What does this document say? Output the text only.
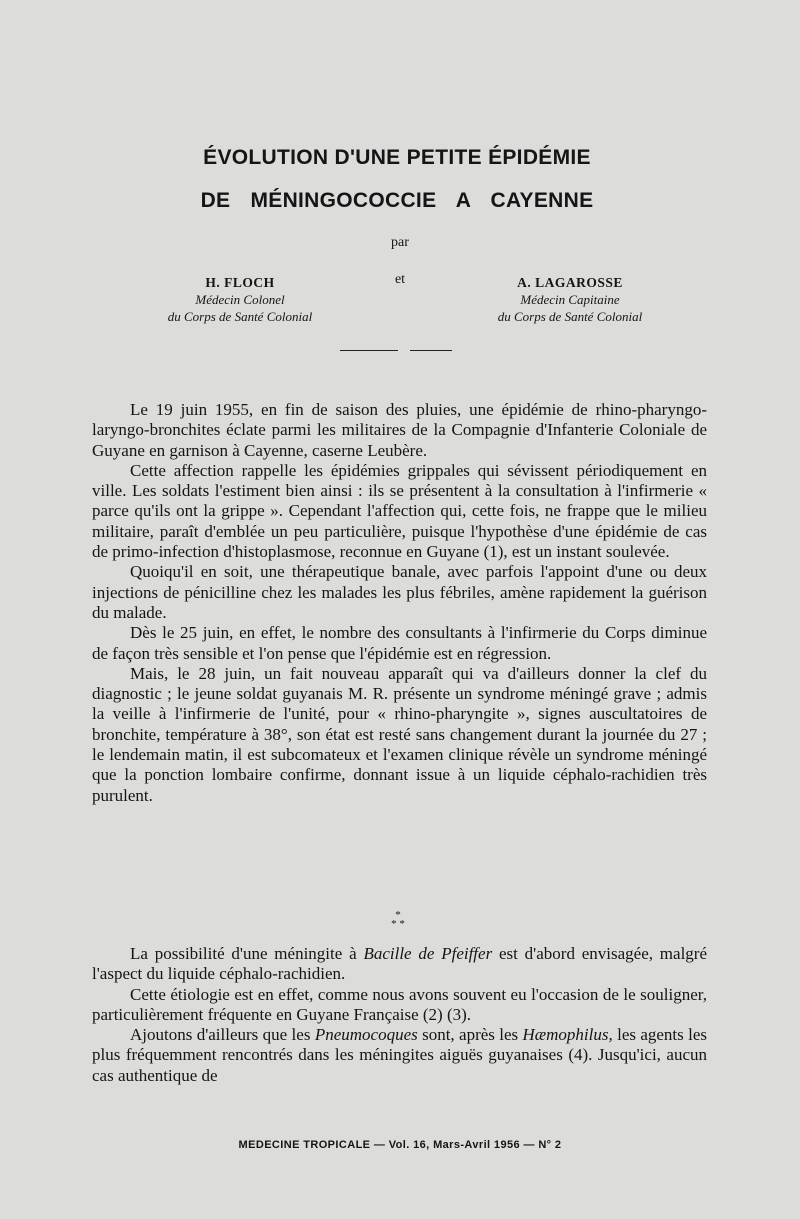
ÉVOLUTION D'UNE PETITE ÉPIDÉMIE
DE MÉNINGOCOCCIE A CAYENNE
par
H. FLOCH
Médecin Colonel
du Corps de Santé Colonial
et	A. LAGAROSSE
Médecin Capitaine
du Corps de Santé Colonial

Le 19 juin 1955, en fin de saison des pluies, une épidémie de rhino-pharyngo-laryngo-bronchites éclate parmi les militaires de la Compagnie d'Infanterie Coloniale de Guyane en garnison à Cayenne, caserne Leubère.

Cette affection rappelle les épidémies grippales qui sévissent périodiquement en ville. Les soldats l'estiment bien ainsi : ils se présentent à la consultation à l'infirmerie « parce qu'ils ont la grippe ». Cependant l'affection qui, cette fois, ne frappe que le milieu militaire, paraît d'emblée un peu particulière, puisque l'hypothèse d'une épidémie de cas de primo-infection d'histoplasmose, reconnue en Guyane (1), est un instant soulevée.

Quoiqu'il en soit, une thérapeutique banale, avec parfois l'appoint d'une ou deux injections de pénicilline chez les malades les plus fébriles, amène rapidement la guérison du malade.

Dès le 25 juin, en effet, le nombre des consultants à l'infirmerie du Corps diminue de façon très sensible et l'on pense que l'épidémie est en régression.

Mais, le 28 juin, un fait nouveau apparaît qui va d'ailleurs donner la clef du diagnostic ; le jeune soldat guyanais M. R. présente un syndrome méningé grave ; admis la veille à l'infirmerie de l'unité, pour « rhino-pharyngite », signes auscultatoires de bronchite, température à 38°, son état est resté sans changement durant la journée du 27 ; le lendemain matin, il est subcomateux et l'examen clinique révèle un syndrome méningé que la ponction lombaire confirme, donnant issue à un liquide céphalo-rachidien très purulent.

*
* *

La possibilité d'une méningite à Bacille de Pfeiffer est d'abord envisagée, malgré l'aspect du liquide céphalo-rachidien.

Cette étiologie est en effet, comme nous avons souvent eu l'occasion de le souligner, particulièrement fréquente en Guyane Française (2) (3).

Ajoutons d'ailleurs que les Pneumocoques sont, après les Hæmophilus, les agents les plus fréquemment rencontrés dans les méningites aiguës guyanaises (4). Jusqu'ici, aucun cas authentique de

MEDECINE TROPICALE — Vol. 16, Mars-Avril 1956 — N° 2
